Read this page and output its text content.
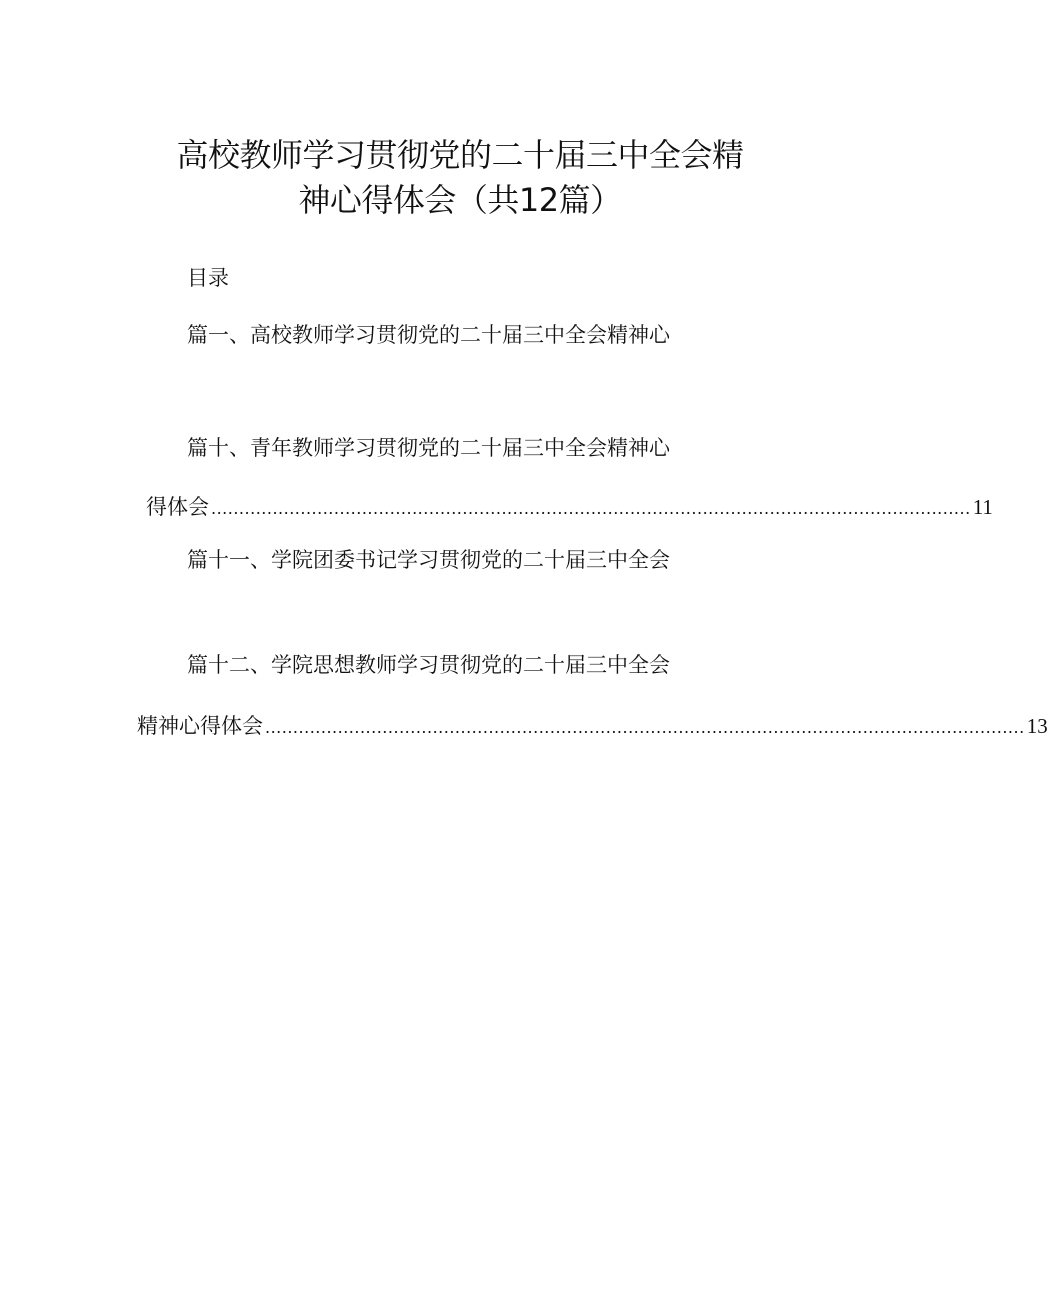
高校教师学习贯彻党的二十届三中全会精
神心得体会（共12篇）
目录
篇一、高校教师学习贯彻党的二十届三中全会精神心
篇十、青年教师学习贯彻党的二十届三中全会精神心
得体会 ........................................................................................................................................ 11
篇十一、学院团委书记学习贯彻党的二十届三中全会
篇十二、学院思想教师学习贯彻党的二十届三中全会
精神心得体会 ........................................................................................................................................ 13
